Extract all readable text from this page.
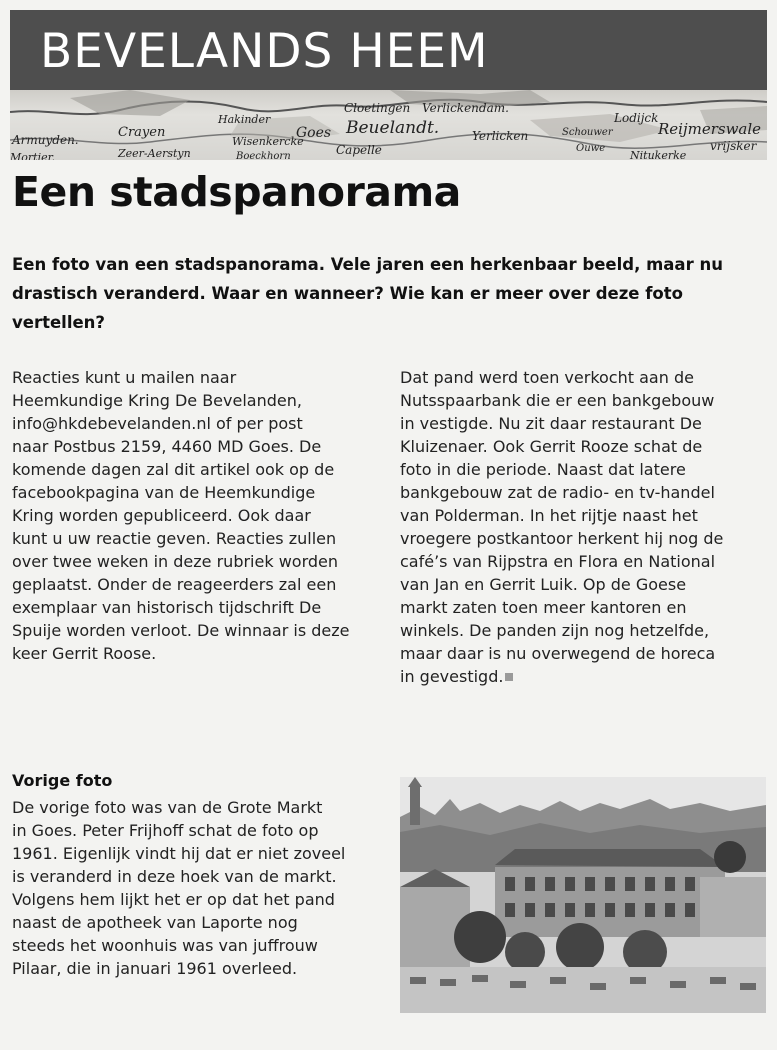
BEVELANDS HEEM
Armuyden.
Mortier.
Crayen
Zeer-Aerstyn
Hakinder
Wisenkercke
Boeckhorn
Goes
Cloetingen
Beuelandt.
Capelle
Verlickendam.
Yerlicken	Schouwer
Ouwe
Lodijck
Reijmerswale
vrijsker
Nitukerke
Een stadspanorama

Een foto van een stadspanorama. Vele jaren een herkenbaar beeld, maar nu drastisch veranderd. Waar en wanneer? Wie kan er meer over deze foto vertellen?

Reacties kunt u mailen naar
Heemkundige Kring De Bevelanden,
info@hkdebevelanden.nl of per post
naar Postbus 2159, 4460 MD Goes. De
komende dagen zal dit artikel ook op de
facebookpagina van de Heemkundige
Kring worden gepubliceerd. Ook daar
kunt u uw reactie geven. Reacties zullen
over twee weken in deze rubriek worden
geplaatst. Onder de reageerders zal een
exemplaar van historisch tijdschrift De
Spuije worden verloot. De winnaar is deze
keer Gerrit Roose.
Vorige foto
De vorige foto was van de Grote Markt
in Goes. Peter Frijhoff schat de foto op
1961. Eigenlijk vindt hij dat er niet zoveel
is veranderd in deze hoek van de markt.
Volgens hem lijkt het er op dat het pand
naast de apotheek van Laporte nog
steeds het woonhuis was van juffrouw
Pilaar, die in januari 1961 overleed.
Dat pand werd toen verkocht aan de
Nutsspaarbank die er een bankgebouw
in vestigde. Nu zit daar restaurant De
Kluizenaer. Ook Gerrit Rooze schat de
foto in die periode. Naast dat latere
bankgebouw zat de radio- en tv-handel
van Polderman. In het rijtje naast het
vroegere postkantoor herkent hij nog de
café’s van Rijpstra en Flora en National
van Jan en Gerrit Luik. Op de Goese
markt zaten toen meer kantoren en
winkels. De panden zijn nog hetzelfde,
maar daar is nu overwegend de horeca
in gevestigd.
